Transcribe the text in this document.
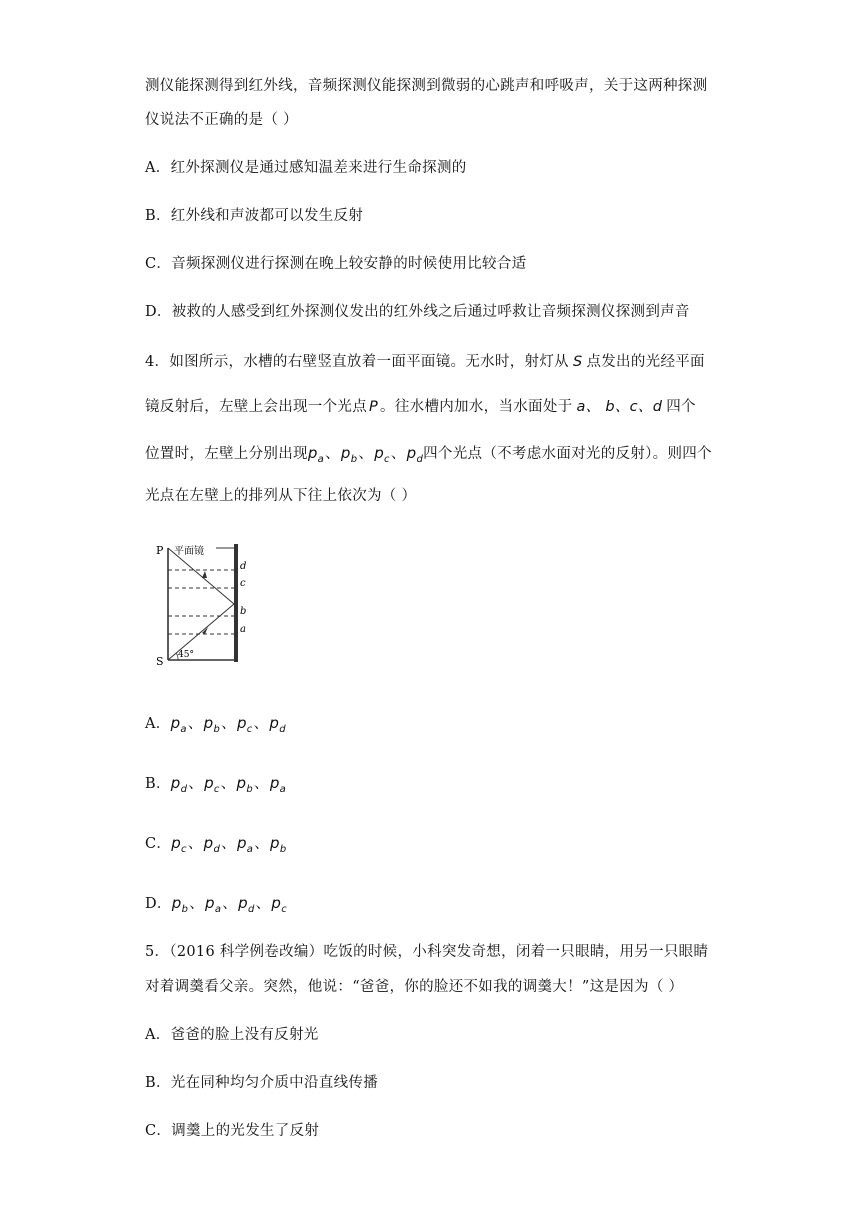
测仪能探测得到红外线，音频探测仪能探测到微弱的心跳声和呼吸声，关于这两种探测
仪说法不正确的是（ ）
A．红外探测仪是通过感知温差来进行生命探测的
B．红外线和声波都可以发生反射
C．音频探测仪进行探测在晚上较安静的时候使用比较合适
D．被救的人感受到红外探测仪发出的红外线之后通过呼救让音频探测仪探测到声音
4．如图所示，水槽的右壁竖直放着一面平面镜。无水时，射灯从 S 点发出的光经平面
镜反射后，左壁上会出现一个光点 P 。往水槽内加水，当水面处于 a、 b、c、d 四个
位置时，左壁上分别出现$p_a$、$p_b$、$p_c$、$p_d$四个光点（不考虑水面对光的反射）。则四个
光点在左壁上的排列从下往上依次为（ ）
P 平面镜
S 45°
d
c
b
a
A．$p_a$、$p_b$、$p_c$、$p_d$
B．$p_d$、$p_c$、$p_b$、$p_a$
C．$p_c$、$p_d$、$p_a$、$p_b$
D．$p_b$、$p_a$、$p_d$、$p_c$
5．（2016 科学例卷改编）吃饭的时候，小科突发奇想，闭着一只眼睛，用另一只眼睛
对着调羹看父亲。突然，他说：“爸爸，你的脸还不如我的调羹大！”这是因为（ ）
A．爸爸的脸上没有反射光
B．光在同种均匀介质中沿直线传播
C．调羹上的光发生了反射
